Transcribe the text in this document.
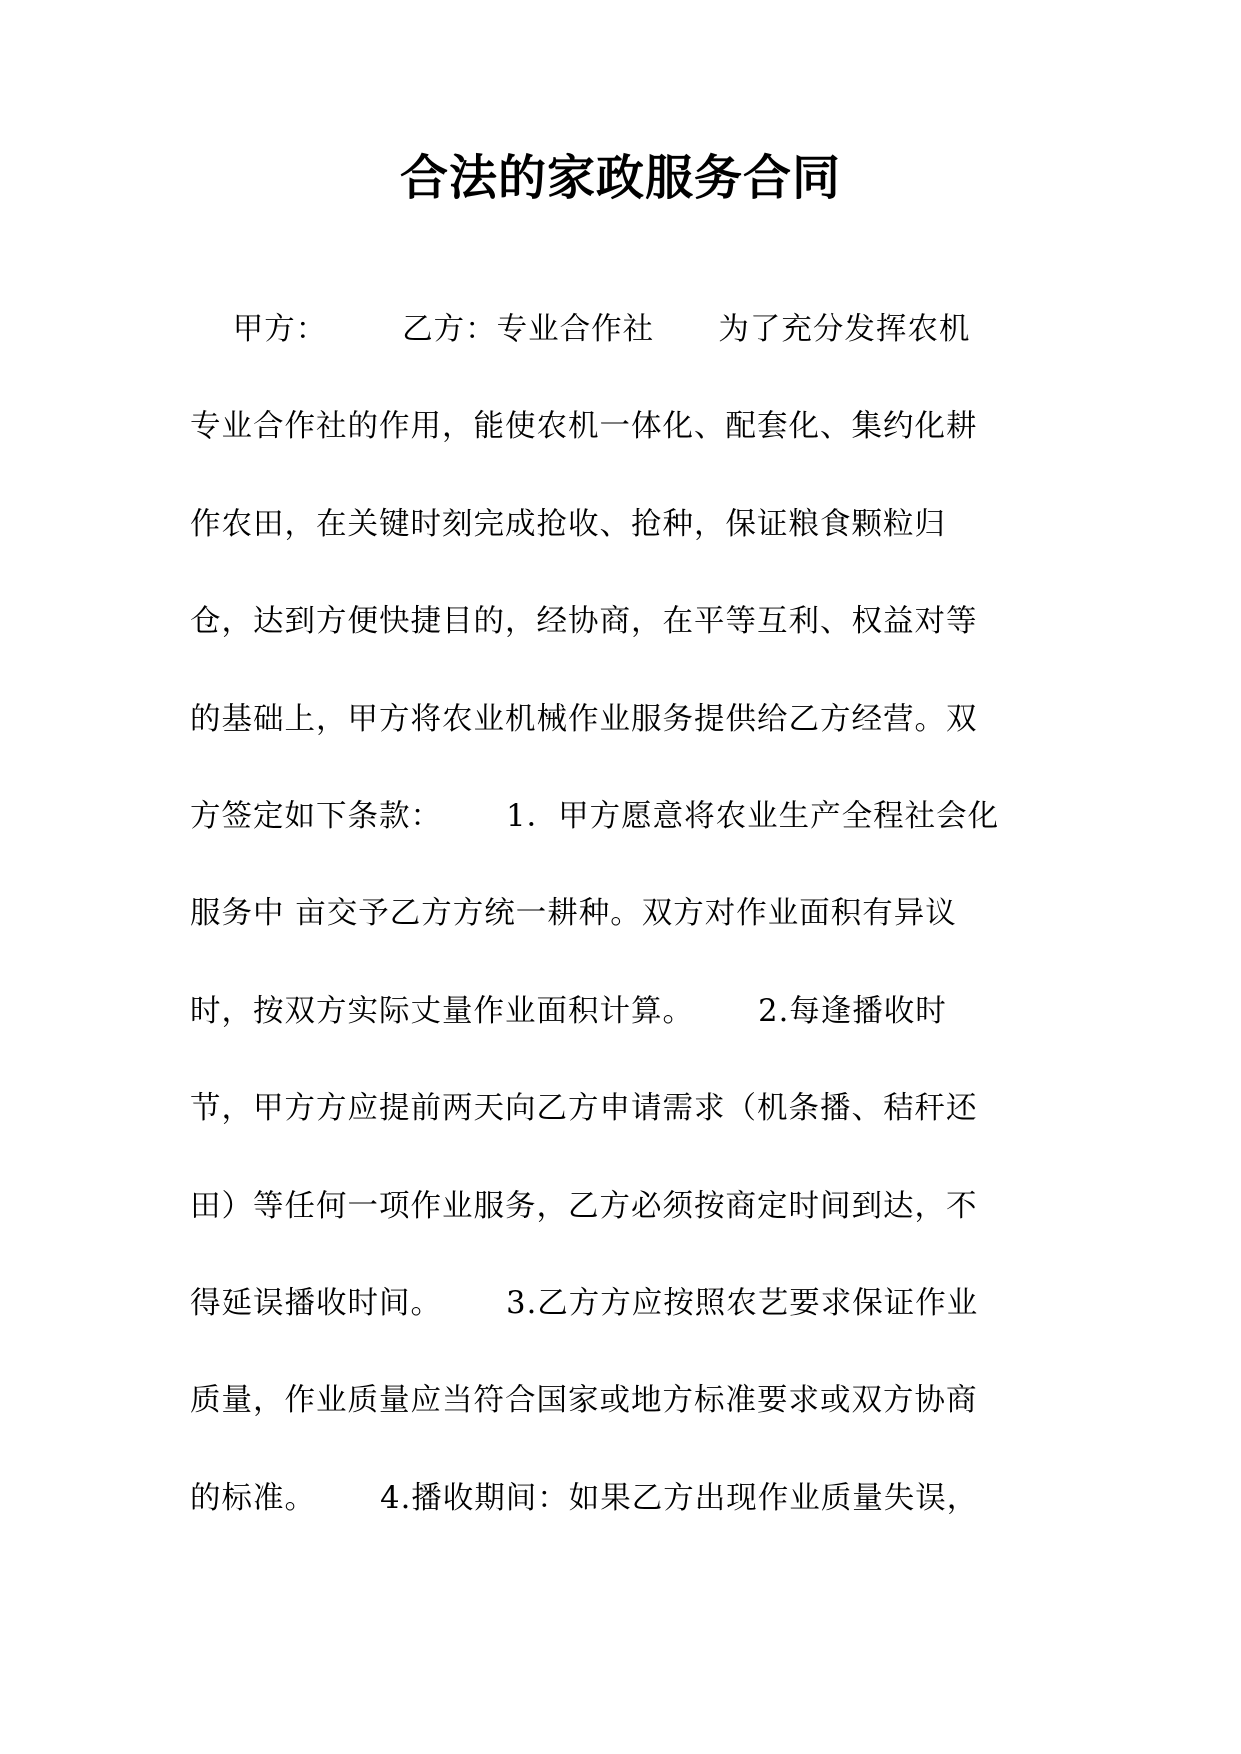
合法的家政服务合同
甲方：       乙方：专业合作社      为了充分发挥农机
专业合作社的作用，能使农机一体化、配套化、集约化耕
作农田，在关键时刻完成抢收、抢种，保证粮食颗粒归
仓，达到方便快捷目的，经协商，在平等互利、权益对等
的基础上，甲方将农业机械作业服务提供给乙方经营。双
方签定如下条款：      1．甲方愿意将农业生产全程社会化
服务中 亩交予乙方方统一耕种。双方对作业面积有异议
时，按双方实际丈量作业面积计算。      2.每逢播收时
节，甲方方应提前两天向乙方申请需求（机条播、秸秆还
田）等任何一项作业服务，乙方必须按商定时间到达，不
得延误播收时间。      3.乙方方应按照农艺要求保证作业
质量，作业质量应当符合国家或地方标准要求或双方协商
的标准。      4.播收期间：如果乙方出现作业质量失误，
